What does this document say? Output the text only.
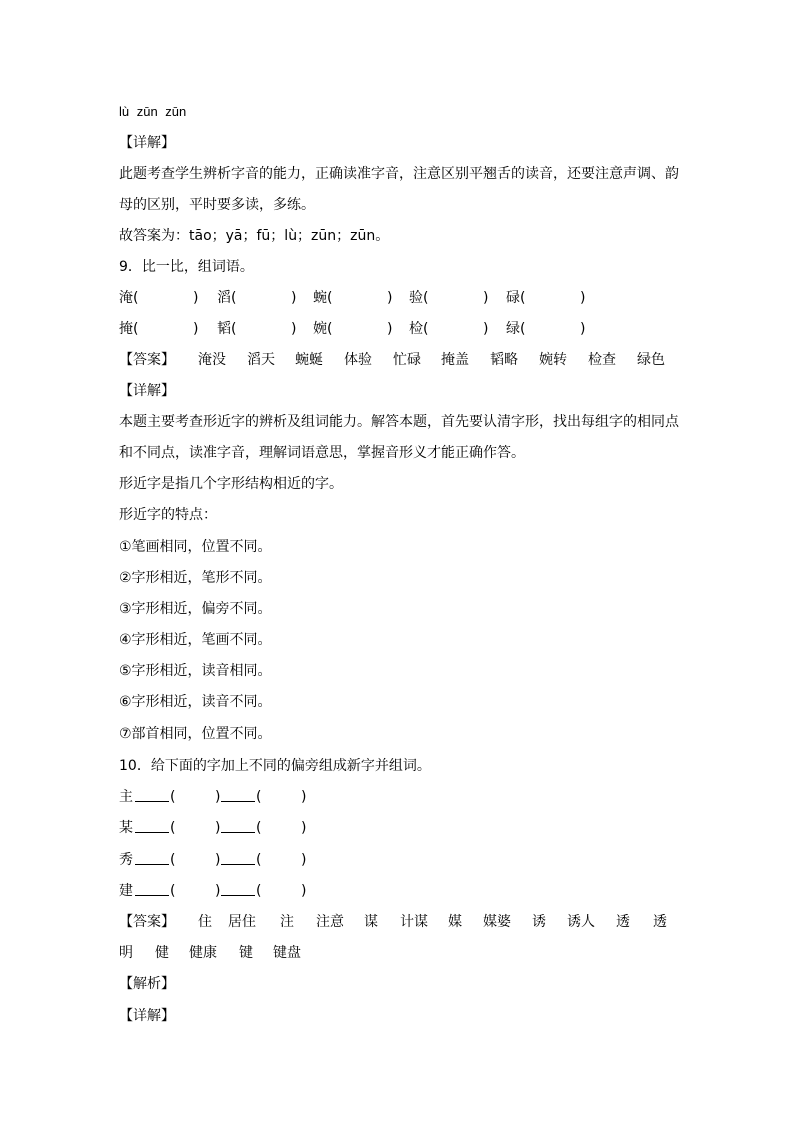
lù zūn zūn
【详解】
此题考查学生辨析字音的能力，正确读准字音，注意区别平翘舌的读音，还要注意声调、韵
母的区别，平时要多读，多练。
故答案为：tāo；yā；fū；lù；zūn；zūn。
9．比一比，组词语。
淹(	) 滔(	) 蜿(	) 验(	) 碌(	)
掩(	) 韬(	) 婉(	) 检(	) 绿(	)
【答案】 淹没 滔天 蜿蜒 体验 忙碌 掩盖 韬略 婉转 检查 绿色
【详解】
本题主要考查形近字的辨析及组词能力。解答本题，首先要认清字形，找出每组字的相同点
和不同点，读准字音，理解词语意思，掌握音形义才能正确作答。
形近字是指几个字形结构相近的字。
形近字的特点：
①笔画相同，位置不同。
②字形相近，笔形不同。
③字形相近，偏旁不同。
④字形相近，笔画不同。
⑤字形相近，读音相同。
⑥字形相近，读音不同。
⑦部首相同，位置不同。
10．给下面的字加上不同的偏旁组成新字并组词。
主	(	)	(	)
某	(	)	(	)
秀	(	)	(	)
建	(	)	(	)
【答案】 住 居住 注 注意 谋 计谋 媒 媒婆 诱 诱人 透 透
明 健 健康 键 键盘
【解析】
【详解】
